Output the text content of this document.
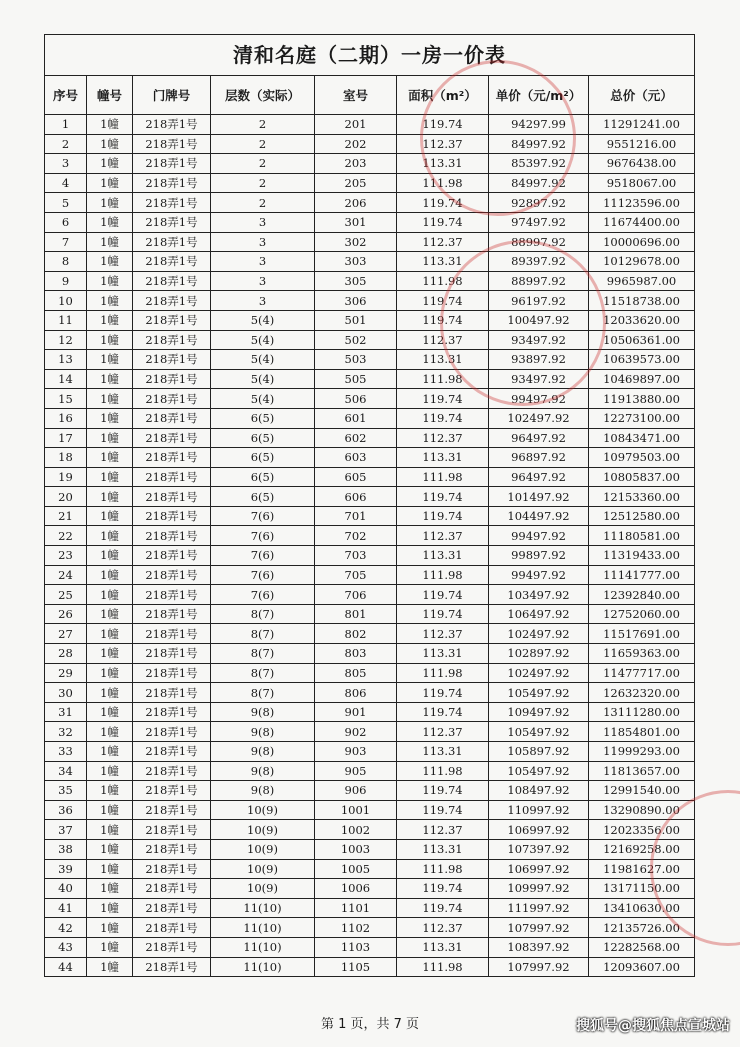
清和名庭（二期）一房一价表							
序号	幢号	门牌号	层数（实际）	室号	面积（m²）	单价（元/m²）	总价（元）
1	1幢	218弄1号	2	201	119.74	94297.99	11291241.00
2	1幢	218弄1号	2	202	112.37	84997.92	9551216.00
3	1幢	218弄1号	2	203	113.31	85397.92	9676438.00
4	1幢	218弄1号	2	205	111.98	84997.92	9518067.00
5	1幢	218弄1号	2	206	119.74	92897.92	11123596.00
6	1幢	218弄1号	3	301	119.74	97497.92	11674400.00
7	1幢	218弄1号	3	302	112.37	88997.92	10000696.00
8	1幢	218弄1号	3	303	113.31	89397.92	10129678.00
9	1幢	218弄1号	3	305	111.98	88997.92	9965987.00
10	1幢	218弄1号	3	306	119.74	96197.92	11518738.00
11	1幢	218弄1号	5(4)	501	119.74	100497.92	12033620.00
12	1幢	218弄1号	5(4)	502	112.37	93497.92	10506361.00
13	1幢	218弄1号	5(4)	503	113.31	93897.92	10639573.00
14	1幢	218弄1号	5(4)	505	111.98	93497.92	10469897.00
15	1幢	218弄1号	5(4)	506	119.74	99497.92	11913880.00
16	1幢	218弄1号	6(5)	601	119.74	102497.92	12273100.00
17	1幢	218弄1号	6(5)	602	112.37	96497.92	10843471.00
18	1幢	218弄1号	6(5)	603	113.31	96897.92	10979503.00
19	1幢	218弄1号	6(5)	605	111.98	96497.92	10805837.00
20	1幢	218弄1号	6(5)	606	119.74	101497.92	12153360.00
21	1幢	218弄1号	7(6)	701	119.74	104497.92	12512580.00
22	1幢	218弄1号	7(6)	702	112.37	99497.92	11180581.00
23	1幢	218弄1号	7(6)	703	113.31	99897.92	11319433.00
24	1幢	218弄1号	7(6)	705	111.98	99497.92	11141777.00
25	1幢	218弄1号	7(6)	706	119.74	103497.92	12392840.00
26	1幢	218弄1号	8(7)	801	119.74	106497.92	12752060.00
27	1幢	218弄1号	8(7)	802	112.37	102497.92	11517691.00
28	1幢	218弄1号	8(7)	803	113.31	102897.92	11659363.00
29	1幢	218弄1号	8(7)	805	111.98	102497.92	11477717.00
30	1幢	218弄1号	8(7)	806	119.74	105497.92	12632320.00
31	1幢	218弄1号	9(8)	901	119.74	109497.92	13111280.00
32	1幢	218弄1号	9(8)	902	112.37	105497.92	11854801.00
33	1幢	218弄1号	9(8)	903	113.31	105897.92	11999293.00
34	1幢	218弄1号	9(8)	905	111.98	105497.92	11813657.00
35	1幢	218弄1号	9(8)	906	119.74	108497.92	12991540.00
36	1幢	218弄1号	10(9)	1001	119.74	110997.92	13290890.00
37	1幢	218弄1号	10(9)	1002	112.37	106997.92	12023356.00
38	1幢	218弄1号	10(9)	1003	113.31	107397.92	12169258.00
39	1幢	218弄1号	10(9)	1005	111.98	106997.92	11981627.00
40	1幢	218弄1号	10(9)	1006	119.74	109997.92	13171150.00
41	1幢	218弄1号	11(10)	1101	119.74	111997.92	13410630.00
42	1幢	218弄1号	11(10)	1102	112.37	107997.92	12135726.00
43	1幢	218弄1号	11(10)	1103	113.31	108397.92	12282568.00
44	1幢	218弄1号	11(10)	1105	111.98	107997.92	12093607.00
第 1 页，共 7 页	搜狐号@搜狐焦点宣城站
